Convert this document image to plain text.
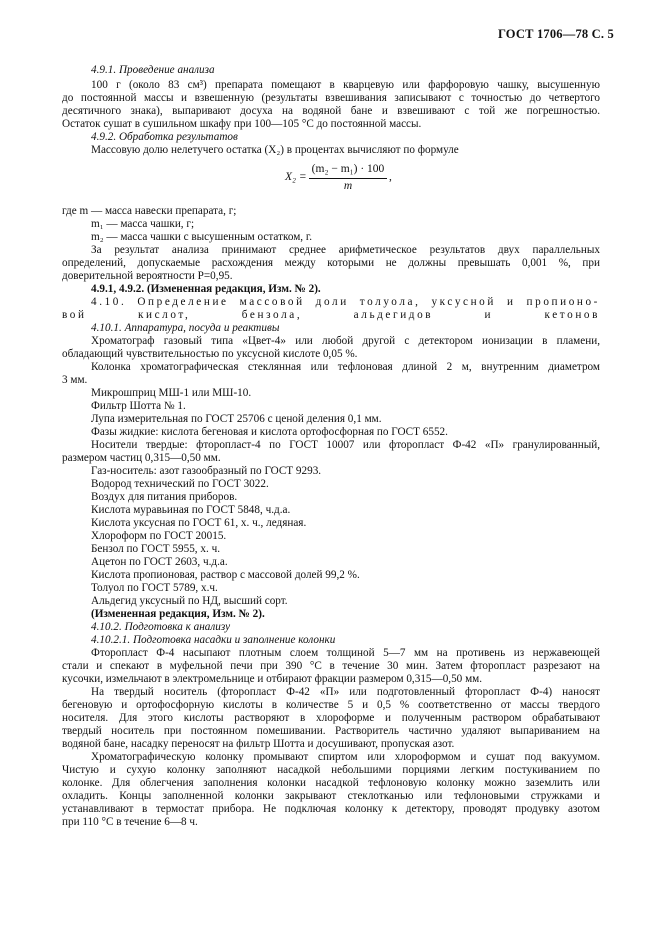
ГОСТ 1706—78 С. 5
X₂ =
(m₂ − m₁) · 100
m
,
4.9.1. Проведение анализа
100 г (около 83 см³) препарата помещают в кварцевую или фарфоровую чашку, высушенную
до постоянной массы и взвешенную (результаты взвешивания записывают с точностью до четвертого
десятичного знака), выпаривают досуха на водяной бане и взвешивают с той же погрешностью.
Остаток сушат в сушильном шкафу при 100—105 °С до постоянной массы.
4.9.2. Обработка результатов
Массовую долю нелетучего остатка (X₂) в процентах вычисляют по формуле
где m — масса навески препарата, г;
m₁ — масса чашки, г;
m₂ — масса чашки с высушенным остатком, г.
За результат анализа принимают среднее арифметическое результатов двух параллельных
определений, допускаемые расхождения между которыми не должны превышать 0,001 %, при
доверительной вероятности P=0,95.
4.9.1, 4.9.2. (Измененная редакция, Изм. № 2).
4.10. Определение массовой доли толуола, уксусной и пропионо-
вой кислот, бензола, альдегидов и кетонов
4.10.1. Аппаратура, посуда и реактивы
Хроматограф газовый типа «Цвет-4» или любой другой с детектором ионизации в пламени,
обладающий чувствительностью по уксусной кислоте 0,05 %.
Колонка хроматографическая стеклянная или тефлоновая длиной 2 м, внутренним диаметром
3 мм.
Микрошприц МШ-1 или МШ-10.
Фильтр Шотта № 1.
Лупа измерительная по ГОСТ 25706 с ценой деления 0,1 мм.
Фазы жидкие: кислота бегеновая и кислота ортофосфорная по ГОСТ 6552.
Носители твердые: фторопласт-4 по ГОСТ 10007 или фторопласт Ф-42 «П» гранулированный,
размером частиц 0,315—0,50 мм.
Газ-носитель: азот газообразный по ГОСТ 9293.
Водород технический по ГОСТ 3022.
Воздух для питания приборов.
Кислота муравьиная по ГОСТ 5848, ч.д.а.
Кислота уксусная по ГОСТ 61, х. ч., ледяная.
Хлороформ по ГОСТ 20015.
Бензол по ГОСТ 5955, х. ч.
Ацетон по ГОСТ 2603, ч.д.а.
Кислота пропионовая, раствор с массовой долей 99,2 %.
Толуол по ГОСТ 5789, х.ч.
Альдегид уксусный по НД, высший сорт.
(Измененная редакция, Изм. № 2).
4.10.2. Подготовка к анализу
4.10.2.1. Подготовка насадки и заполнение колонки
Фторопласт Ф-4 насыпают плотным слоем толщиной 5—7 мм на противень из нержавеющей
стали и спекают в муфельной печи при 390 °С в течение 30 мин. Затем фторопласт разрезают на
кусочки, измельчают в электромельнице и отбирают фракции размером 0,315—0,50 мм.
На твердый носитель (фторопласт Ф-42 «П» или подготовленный фторопласт Ф-4) наносят
бегеновую и ортофосфорную кислоты в количестве 5 и 0,5 % соответственно от массы твердого
носителя. Для этого кислоты растворяют в хлороформе и полученным раствором обрабатывают
твердый носитель при постоянном помешивании. Растворитель частично удаляют выпариванием на
водяной бане, насадку переносят на фильтр Шотта и досушивают, пропуская азот.
Хроматографическую колонку промывают спиртом или хлороформом и сушат под вакуумом.
Чистую и сухую колонку заполняют насадкой небольшими порциями легким постукиванием по
колонке. Для облегчения заполнения колонки насадкой тефлоновую колонку можно заземлить или
охладить. Концы заполненной колонки закрывают стеклотканью или тефлоновыми стружками и
устанавливают в термостат прибора. Не подключая колонку к детектору, проводят продувку азотом
при 110 °С в течение 6—8 ч.
